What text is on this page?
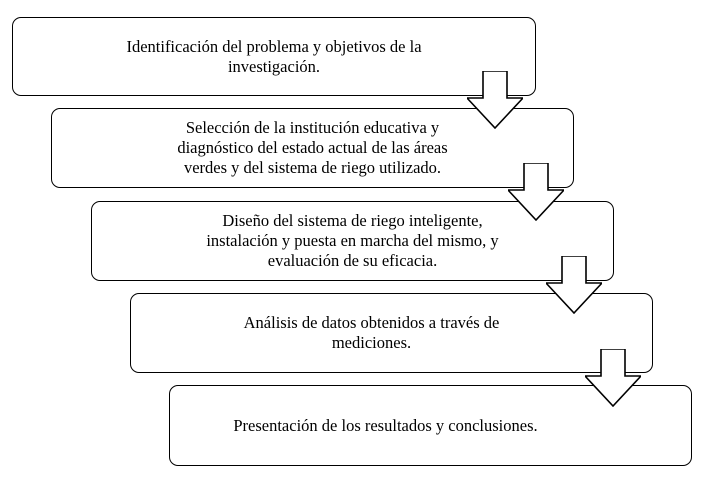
Identificación del problema y objetivos de la
investigación.
Selección de la institución educativa y
diagnóstico del estado actual de las áreas
verdes y del sistema de riego utilizado.
Diseño del sistema de riego inteligente,
instalación y puesta en marcha del mismo, y
evaluación de su eficacia.
Análisis de datos obtenidos a través de
mediciones.
Presentación de los resultados y conclusiones.
